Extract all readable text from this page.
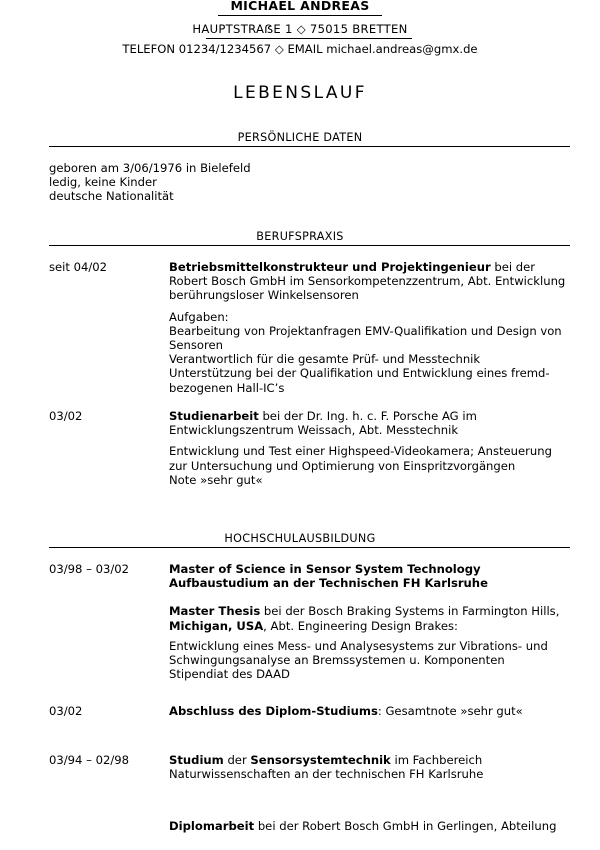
MICHAEL ANDREAS
HAUPTSTRAẞE 1 ◇ 75015 BRETTEN
TELEFON 01234/1234567 ◇ EMAIL michael.andreas@gmx.de
LEBENSLAUF
PERSÖNLICHE DATEN
geboren am 3/06/1976 in Bielefeld
ledig, keine Kinder
deutsche Nationalität
BERUFSPRAXIS
seit 04/02	Betriebsmittelkonstrukteur und Projektingenieur bei der Robert Bosch GmbH im Sensorkompetenzzentrum, Abt. Entwicklung berührungsloser Winkelsensoren
Aufgaben:
Bearbeitung von Projektanfragen EMV-Qualifikation und Design von Sensoren
Verantwortlich für die gesamte Prüf- und Messtechnik
Unterstützung bei der Qualifikation und Entwicklung eines fremd-bezogenen Hall-IC’s
03/02	Studienarbeit bei der Dr. Ing. h. c. F. Porsche AG im Entwicklungszentrum Weissach, Abt. Messtechnik
Entwicklung und Test einer Highspeed-Videokamera; Ansteuerung zur Untersuchung und Optimierung von Einspritzvorgängen
Note »sehr gut«
HOCHSCHULAUSBILDUNG
03/98 – 03/02	Master of Science in Sensor System Technology
Aufbaustudium an der Technischen FH Karlsruhe
Master Thesis bei der Bosch Braking Systems in Farmington Hills,
Michigan, USA, Abt. Engineering Design Brakes:
Entwicklung eines Mess- und Analysesystems zur Vibrations- und Schwingungsanalyse an Bremssystemen u. Komponenten
Stipendiat des DAAD
03/02	Abschluss des Diplom-Studiums: Gesamtnote »sehr gut«
03/94 – 02/98	Studium der Sensorsystemtechnik im Fachbereich Naturwissenschaften an der technischen FH Karlsruhe
Diplomarbeit bei der Robert Bosch GmbH in Gerlingen, Abteilung
